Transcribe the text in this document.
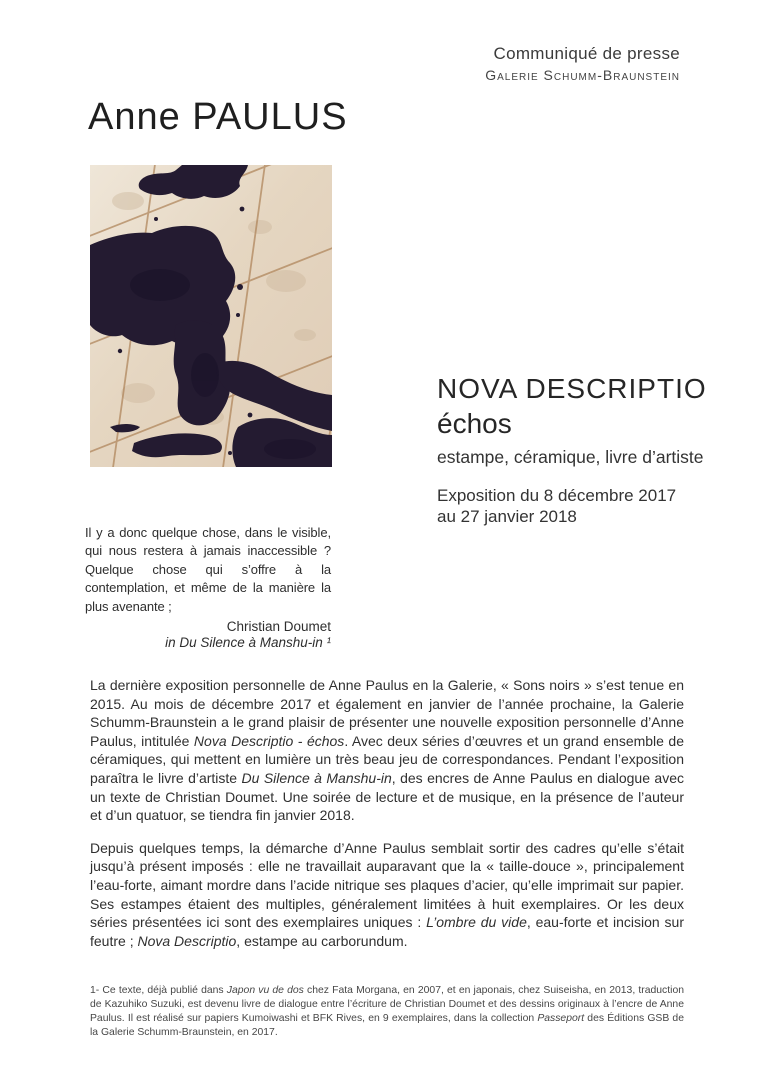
Communiqué de presse
Galerie Schumm-Braunstein
Anne PAULUS
NOVA DESCRIPTIO
échos
estampe, céramique, livre d’artiste
Exposition du 8 décembre 2017
au 27 janvier 2018

Il y a donc quelque chose, dans le visible, qui nous restera à jamais inaccessible ? Quelque chose qui s’offre à la contemplation, et même de la manière la plus avenante ;

Christian Doumet
in Du Silence à Manshu-in ¹

La dernière exposition personnelle de Anne Paulus en la Galerie, « Sons noirs » s’est tenue en 2015. Au mois de décembre 2017 et également en janvier de l’année prochaine, la Galerie Schumm-Braunstein a le grand plaisir de présenter une nouvelle exposition personnelle d’Anne Paulus, intitulée Nova Descriptio - échos. Avec deux séries d’œuvres et un grand ensemble de céramiques, qui mettent en lumière un très beau jeu de correspondances. Pendant l’exposition paraîtra le livre d’artiste Du Silence à Manshu-in, des encres de Anne Paulus en dialogue avec un texte de Christian Doumet. Une soirée de lecture et de musique, en la présence de l’auteur et d’un quatuor, se tiendra fin janvier 2018.

Depuis quelques temps, la démarche d’Anne Paulus semblait sortir des cadres qu’elle s’était jusqu’à présent imposés : elle ne travaillait auparavant que la « taille-douce », principalement l’eau-forte, aimant mordre dans l’acide nitrique ses plaques d’acier, qu’elle imprimait sur papier. Ses estampes étaient des multiples, généralement limitées à huit exemplaires. Or les deux séries présentées ici sont des exemplaires uniques : L’ombre du vide, eau-forte et incision sur feutre ; Nova Descriptio, estampe au carborundum.

1- Ce texte, déjà publié dans Japon vu de dos chez Fata Morgana, en 2007, et en japonais, chez Suiseisha, en 2013, traduction de Kazuhiko Suzuki, est devenu livre de dialogue entre l’écriture de Christian Doumet et des dessins originaux à l’encre de Anne Paulus. Il est réalisé sur papiers Kumoiwashi et BFK Rives, en 9 exemplaires, dans la collection Passeport des Éditions GSB de la Galerie Schumm-Braunstein, en 2017.
